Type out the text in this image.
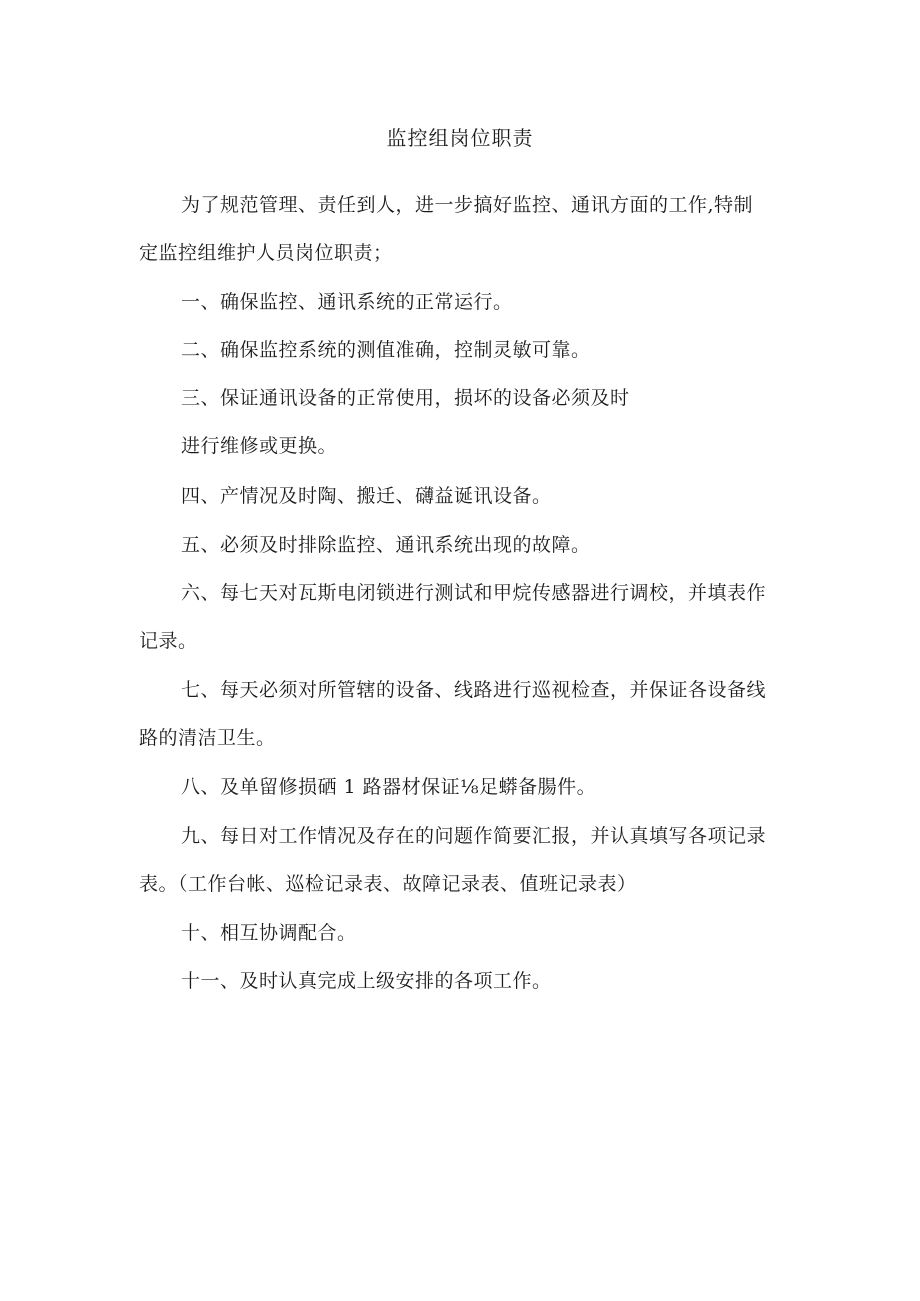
监控组岗位职责

为了规范管理、责任到人，进一步搞好监控、通讯方面的工作,特制
定监控组维护人员岗位职责；

一、确保监控、通讯系统的正常运行。

二、确保监控系统的测值准确，控制灵敏可靠。

三、保证通讯设备的正常使用，损坏的设备必须及时
进行维修或更换。

四、产情况及时陶、搬迁、礴益诞讯设备。

五、必须及时排除监控、通讯系统出现的故障。

六、每七天对瓦斯电闭锁进行测试和甲烷传感器进行调校，并填表作
记录。

七、每天必须对所管辖的设备、线路进行巡视检查，并保证各设备线
路的清洁卫生。

八、及单留修损硒 1 路器材保证⅛足蟒备腸件。

九、每日对工作情况及存在的问题作简要汇报，并认真填写各项记录
表。（工作台帐、巡检记录表、故障记录表、值班记录表）

十、相互协调配合。

十一、及时认真完成上级安排的各项工作。
